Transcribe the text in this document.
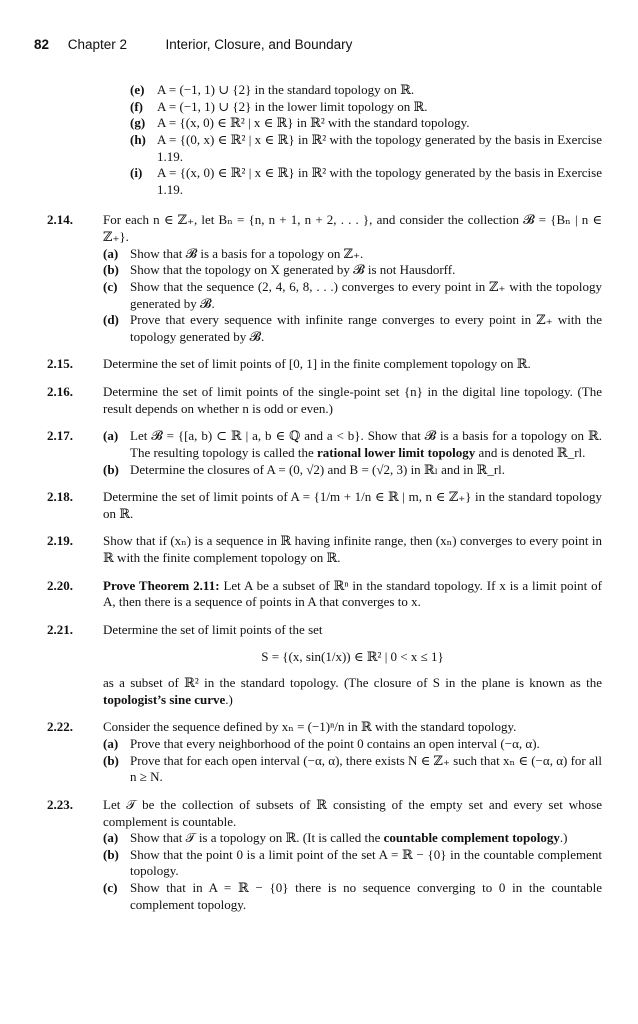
82 Chapter 2	Interior, Closure, and Boundary
(e) A = (−1, 1) ∪ {2} in the standard topology on ℝ.

(f) A = (−1, 1) ∪ {2} in the lower limit topology on ℝ.

(g) A = {(x, 0) ∈ ℝ² | x ∈ ℝ} in ℝ² with the standard topology.

(h) A = {(0, x) ∈ ℝ² | x ∈ ℝ} in ℝ² with the topology generated by the basis in Exercise 1.19.

(i) A = {(x, 0) ∈ ℝ² | x ∈ ℝ} in ℝ² with the topology generated by the basis in Exercise 1.19.

2.14. For each n ∈ ℤ₊, let Bₙ = {n, n + 1, n + 2, . . . }, and consider the collection 𝓑 = {Bₙ | n ∈ ℤ₊}.

(a) Show that 𝓑 is a basis for a topology on ℤ₊.

(b) Show that the topology on X generated by 𝓑 is not Hausdorff.

(c) Show that the sequence (2, 4, 6, 8, . . .) converges to every point in ℤ₊ with the topology generated by 𝓑.

(d) Prove that every sequence with infinite range converges to every point in ℤ₊ with the topology generated by 𝓑.

2.15. Determine the set of limit points of [0, 1] in the finite complement topology on ℝ.

2.16. Determine the set of limit points of the single-point set {n} in the digital line topology. (The result depends on whether n is odd or even.)

2.17. (a) Let 𝓑 = {[a, b) ⊂ ℝ | a, b ∈ ℚ and a < b}. Show that 𝓑 is a basis for a topology on ℝ. The resulting topology is called the rational lower limit topology and is denoted ℝ_rl.

(b) Determine the closures of A = (0, √2) and B = (√2, 3) in ℝₗ and in ℝ_rl.

2.18. Determine the set of limit points of A = {1/m + 1/n ∈ ℝ | m, n ∈ ℤ₊} in the standard topology on ℝ.

2.19. Show that if (xₙ) is a sequence in ℝ having infinite range, then (xₙ) converges to every point in ℝ with the finite complement topology on ℝ.

2.20. Prove Theorem 2.11: Let A be a subset of ℝⁿ in the standard topology. If x is a limit point of A, then there is a sequence of points in A that converges to x.

2.21. Determine the set of limit points of the set

S = {(x, sin(1/x)) ∈ ℝ² | 0 < x ≤ 1}

as a subset of ℝ² in the standard topology. (The closure of S in the plane is known as the topologist’s sine curve.)

2.22. Consider the sequence defined by xₙ = (−1)ⁿ/n in ℝ with the standard topology.

(a) Prove that every neighborhood of the point 0 contains an open interval (−α, α).

(b) Prove that for each open interval (−α, α), there exists N ∈ ℤ₊ such that xₙ ∈ (−α, α) for all n ≥ N.

2.23. Let 𝒯 be the collection of subsets of ℝ consisting of the empty set and every set whose complement is countable.

(a) Show that 𝒯 is a topology on ℝ. (It is called the countable complement topology.)

(b) Show that the point 0 is a limit point of the set A = ℝ − {0} in the countable complement topology.

(c) Show that in A = ℝ − {0} there is no sequence converging to 0 in the countable complement topology.
